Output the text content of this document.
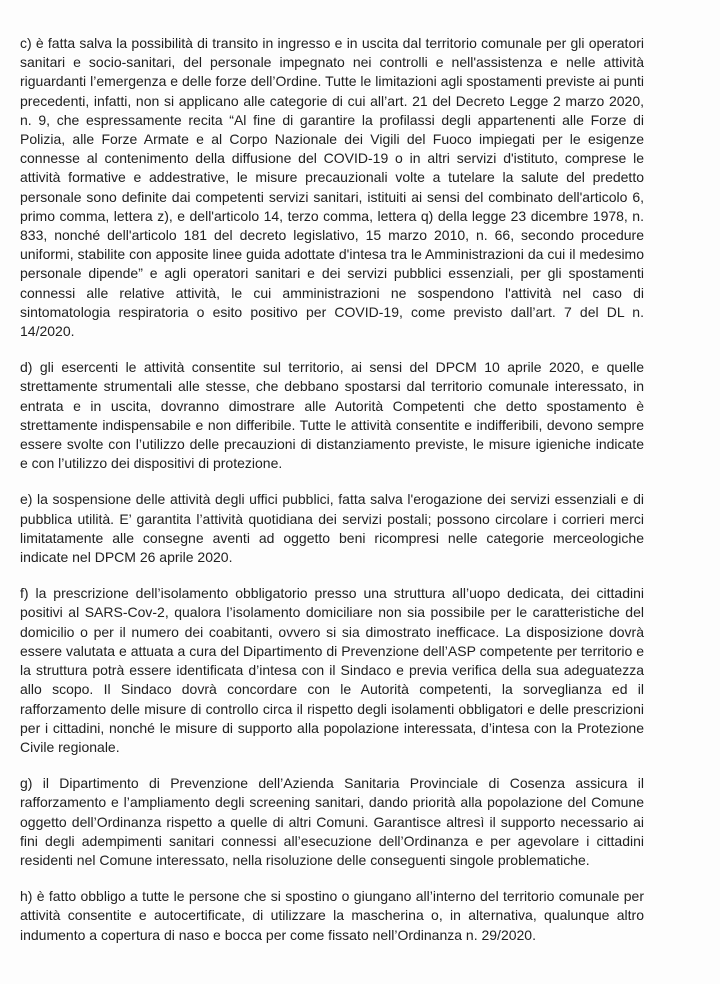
c) è fatta salva la possibilità di transito in ingresso e in uscita dal territorio comunale per gli operatori sanitari e socio-sanitari, del personale impegnato nei controlli e nell'assistenza e nelle attività riguardanti l’emergenza e delle forze dell’Ordine. Tutte le limitazioni agli spostamenti previste ai punti precedenti, infatti, non si applicano alle categorie di cui all’art. 21 del Decreto Legge 2 marzo 2020, n. 9, che espressamente recita “Al fine di garantire la profilassi degli appartenenti alle Forze di Polizia, alle Forze Armate e al Corpo Nazionale dei Vigili del Fuoco impiegati per le esigenze connesse al contenimento della diffusione del COVID-19 o in altri servizi d'istituto, comprese le attività formative e addestrative, le misure precauzionali volte a tutelare la salute del predetto personale sono definite dai competenti servizi sanitari, istituiti ai sensi del combinato dell'articolo 6, primo comma, lettera z), e dell'articolo 14, terzo comma, lettera q) della legge 23 dicembre 1978, n. 833, nonché dell'articolo 181 del decreto legislativo, 15 marzo 2010, n. 66, secondo procedure uniformi, stabilite con apposite linee guida adottate d'intesa tra le Amministrazioni da cui il medesimo personale dipende” e agli operatori sanitari e dei servizi pubblici essenziali, per gli spostamenti connessi alle relative attività, le cui amministrazioni ne sospendono l'attività nel caso di sintomatologia respiratoria o esito positivo per COVID-19, come previsto dall’art. 7 del DL n. 14/2020.

d) gli esercenti le attività consentite sul territorio, ai sensi del DPCM 10 aprile 2020, e quelle strettamente strumentali alle stesse, che debbano spostarsi dal territorio comunale interessato, in entrata e in uscita, dovranno dimostrare alle Autorità Competenti che detto spostamento è strettamente indispensabile e non differibile. Tutte le attività consentite e indifferibili, devono sempre essere svolte con l’utilizzo delle precauzioni di distanziamento previste, le misure igieniche indicate e con l’utilizzo dei dispositivi di protezione.

e) la sospensione delle attività degli uffici pubblici, fatta salva l'erogazione dei servizi essenziali e di pubblica utilità. E’ garantita l’attività quotidiana dei servizi postali; possono circolare i corrieri merci limitatamente alle consegne aventi ad oggetto beni ricompresi nelle categorie merceologiche indicate nel DPCM 26 aprile 2020.

f) la prescrizione dell’isolamento obbligatorio presso una struttura all’uopo dedicata, dei cittadini positivi al SARS-Cov-2, qualora l’isolamento domiciliare non sia possibile per le caratteristiche del domicilio o per il numero dei coabitanti, ovvero si sia dimostrato inefficace. La disposizione dovrà essere valutata e attuata a cura del Dipartimento di Prevenzione dell’ASP competente per territorio e la struttura potrà essere identificata d’intesa con il Sindaco e previa verifica della sua adeguatezza allo scopo. Il Sindaco dovrà concordare con le Autorità competenti, la sorveglianza ed il rafforzamento delle misure di controllo circa il rispetto degli isolamenti obbligatori e delle prescrizioni per i cittadini, nonché le misure di supporto alla popolazione interessata, d’intesa con la Protezione Civile regionale.

g) il Dipartimento di Prevenzione dell’Azienda Sanitaria Provinciale di Cosenza assicura il rafforzamento e l’ampliamento degli screening sanitari, dando priorità alla popolazione del Comune oggetto dell’Ordinanza rispetto a quelle di altri Comuni. Garantisce altresì il supporto necessario ai fini degli adempimenti sanitari connessi all’esecuzione dell’Ordinanza e per agevolare i cittadini residenti nel Comune interessato, nella risoluzione delle conseguenti singole problematiche.

h) è fatto obbligo a tutte le persone che si spostino o giungano all’interno del territorio comunale per attività consentite e autocertificate, di utilizzare la mascherina o, in alternativa, qualunque altro indumento a copertura di naso e bocca per come fissato nell’Ordinanza n. 29/2020.
